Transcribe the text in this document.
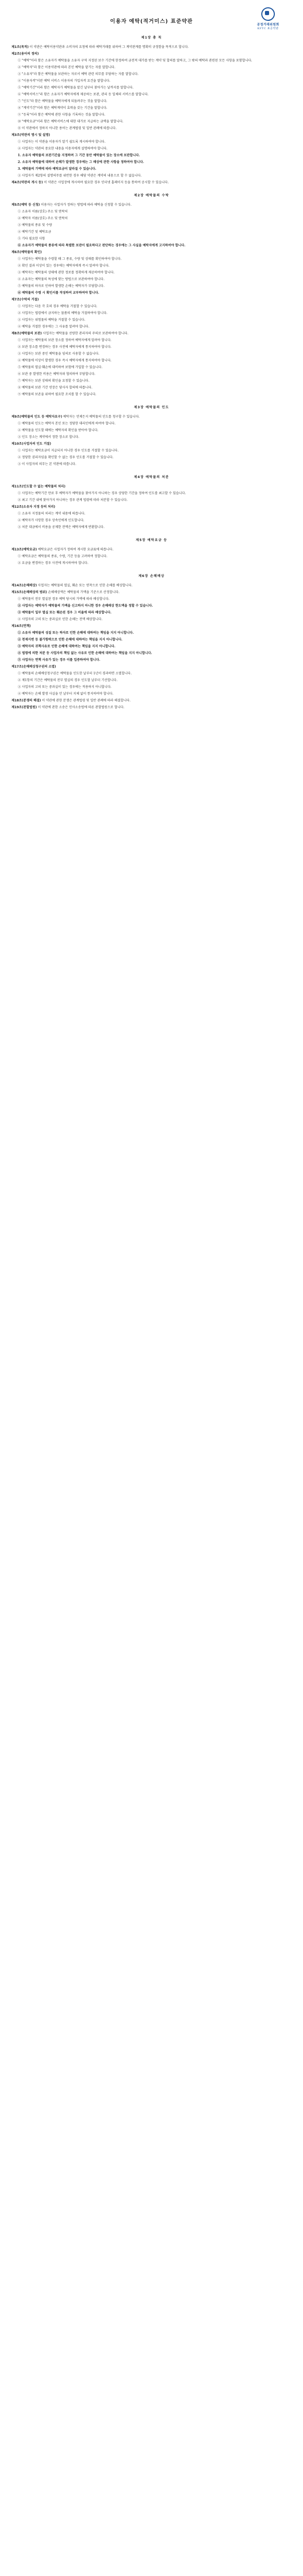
공정거래위원회
KFTC 표준약관
이용자 예탁(적거미스) 표준약관
제1장 총 칙
제1조(목적) 이 약관은 예탁이용약관과 소비자의 요청에 따라 예탁거래를 위하여 그 계약관계를 명확히 규정함을 목적으로 합니다.
제2조(용어의 정의)
① "예탁"이라 함은 소유자가 예탁물을 소유자 구역 지정된 보수 기간에 한정하여 금전적 대가를 받는 계약 및 합의를 말하고, 그 밖의 예탁과 관련된 모든 사항을 포함합니다.
② "예탁자"라 함은 이용약관에 따라 본인 예탁을 맡기는 자를 말합니다.
③ "소유자"라 함은 예탁물을 보관하는 자로서 예탁 관련 의무를 부담하는 자를 말합니다.
④ "이용자격"이란 예탁 서비스 이용자의 가입자격 요건을 말합니다.
⑤ "예탁기간"이라 함은 예탁자가 예탁물을 맡긴 날부터 찾아가는 날까지를 말합니다.
⑥ "예탁서비스"라 함은 소유자가 예탁자에게 제공하는 보관, 관리 등 일체의 서비스를 말합니다.
⑦ "인도"라 함은 예탁물을 예탁자에게 되돌려주는 것을 말합니다.
⑧ "계약기간"이라 함은 예탁계약이 효력을 갖는 기간을 말합니다.
⑨ "등록"이라 함은 예탁에 관한 사항을 기록하는 것을 말합니다.
⑩ "예탁요금"이라 함은 예탁서비스에 대한 대가로 지급하는 금액을 말합니다.
⑪ 이 약관에서 정하지 아니한 용어는 관계법령 및 일반 관례에 따릅니다.
제3조(약관의 명시 및 설명)
① 사업자는 이 약관을 이용자가 알기 쉽도록 게시하여야 합니다.
② 사업자는 약관의 중요한 내용을 이용자에게 설명하여야 합니다.
1. 소유자 예탁물의 보관기간을 지정하며 그 기간 동안 예탁물이 있는 장소에 보관합니다.
2. 소유자 예탁물에 대하여 손해가 발생한 경우에는 그 배상에 관한 사항을 정하여야 합니다.
3. 예탁물의 가액에 따라 예탁요금이 달라질 수 있습니다.
③ 사업자가 제2항의 설명의무를 위반한 경우 해당 약관은 계약의 내용으로 할 수 없습니다.
제4조(약관의 게시 등) 이 약관은 사업장에 게시하며 필요한 경우 인터넷 홈페이지 등을 통하여 공시할 수 있습니다.
제2장 예탁물의 수탁
제5조(예탁 등 신청) 이용자는 사업자가 정하는 방법에 따라 예탁을 신청할 수 있습니다.
① 소유자 이름(상호) 주소 및 연락처
② 예탁자 이름(상호) 주소 및 연락처
③ 예탁물의 종류 및 수량
④ 예탁기간 및 예탁요금
⑤ 기타 필요한 사항
⑥ 소유자가 예탁물의 종류에 따라 특별한 보관이 필요하다고 판단하는 경우에는 그 사실을 예탁자에게 고지하여야 합니다.
제6조(예탁물의 확인)
① 사업자는 예탁물을 수령할 때 그 종류, 수량 및 상태를 확인하여야 합니다.
② 확인 결과 이상이 있는 경우에는 예탁자에게 즉시 알려야 합니다.
③ 예탁자는 예탁물의 상태에 관한 정보를 정확하게 제공하여야 합니다.
④ 소유자는 예탁물의 특성에 맞는 방법으로 보관하여야 합니다.
⑤ 예탁물의 하자로 인하여 발생한 손해는 예탁자가 부담합니다.
⑥ 예탁물의 수령 시 확인서를 작성하여 교부하여야 합니다.
제7조(수탁의 거절)
① 사업자는 다음 각 호의 경우 예탁을 거절할 수 있습니다.
② 사업자는 법령에서 금지하는 물품의 예탁을 거절하여야 합니다.
③ 사업자는 위험물의 예탁을 거절할 수 있습니다.
④ 예탁을 거절한 경우에는 그 사유를 알려야 합니다.
제8조(예탁물의 보관) 사업자는 예탁물을 선량한 관리자의 주의로 보관하여야 합니다.
① 사업자는 예탁물의 보관 장소를 정하여 예탁자에게 알려야 합니다.
② 보관 장소를 변경하는 경우 사전에 예탁자에게 통지하여야 합니다.
③ 사업자는 보관 중인 예탁물을 임의로 사용할 수 없습니다.
④ 예탁물에 이상이 발생한 경우 즉시 예탁자에게 통지하여야 합니다.
⑤ 예탁물의 멸실·훼손에 대비하여 보험에 가입할 수 있습니다.
⑥ 보관 중 발생한 비용은 예탁자와 협의하여 부담합니다.
⑦ 예탁자는 보관 상태의 확인을 요청할 수 있습니다.
⑧ 예탁물의 보관 기간 연장은 당사자 합의에 따릅니다.
⑨ 예탁물의 보존을 위하여 필요한 조치를 할 수 있습니다.
제3장 예탁물의 인도
제9조(예탁물의 인도 등 예탁자요구) 예탁자는 언제든지 예탁물의 인도를 청구할 수 있습니다.
① 예탁물의 인도는 예탁자 본인 또는 정당한 대리인에게 하여야 합니다.
② 예탁물을 인도할 때에는 예탁자의 확인을 받아야 합니다.
③ 인도 장소는 계약에서 정한 장소로 합니다.
제10조(사업자의 인도 거절)
① 사업자는 예탁요금이 지급되지 아니한 경우 인도를 거절할 수 있습니다.
② 정당한 권리자임을 확인할 수 없는 경우 인도를 거절할 수 있습니다.
③ 이 사업자의 의무는 본 약관에 따릅니다.
제4장 예탁물의 처분
제11조(인도할 수 없는 예탁물의 처리)
① 사업자는 예탁기간 만료 후 예탁자가 예탁물을 찾아가지 아니하는 경우 상당한 기간을 정하여 인도를 최고할 수 있습니다.
② 최고 기간 내에 찾아가지 아니하는 경우 관계 법령에 따라 처분할 수 있습니다.
제12조(소유자 지정 등의 처리)
① 소유자 지정물의 처리는 계약 내용에 따릅니다.
② 예탁자가 사망한 경우 상속인에게 인도합니다.
③ 처분 대금에서 비용을 공제한 잔액은 예탁자에게 반환합니다.
제5장 예탁요금 등
제13조(예탁요금) 예탁요금은 사업자가 정하여 게시한 요금표에 따릅니다.
① 예탁요금은 예탁물의 종류, 수량, 기간 등을 고려하여 정합니다.
② 요금을 변경하는 경우 사전에 게시하여야 합니다.
제6장 손해배상
제14조(손해배상) 사업자는 예탁물의 멸실, 훼손 또는 연착으로 인한 손해를 배상합니다.
제15조(손해배상의 범위) 손해배상액은 예탁물의 가액을 기준으로 산정합니다.
① 예탁물이 전부 멸실된 경우 예탁 당시의 가액에 따라 배상합니다.
② 사업자는 예탁자가 예탁물의 가액을 신고하지 아니한 경우 손해배상 한도액을 정할 수 있습니다.
③ 예탁물이 일부 멸실 또는 훼손된 경우 그 비율에 따라 배상합니다.
④ 사업자의 고의 또는 중과실로 인한 손해는 전액 배상합니다.
제16조(면책)
① 소유자 예탁물의 성질 또는 하자로 인한 손해에 대하여는 책임을 지지 아니합니다.
② 천재지변 등 불가항력으로 인한 손해에 대하여는 책임을 지지 아니합니다.
③ 예탁자의 귀책사유로 인한 손해에 대하여는 책임을 지지 아니합니다.
④ 법령에 의한 처분 등 사업자의 책임 없는 사유로 인한 손해에 대하여는 책임을 지지 아니합니다.
⑤ 사업자는 면책 사유가 있는 경우 이를 입증하여야 합니다.
제17조(손해배상청구권의 소멸)
① 예탁물의 손해배상청구권은 예탁물을 인도한 날부터 1년이 경과하면 소멸합니다.
② 제1항의 기간은 예탁물의 전부 멸실의 경우 인도할 날부터 기산합니다.
③ 사업자의 고의 또는 중과실이 있는 경우에는 적용하지 아니합니다.
④ 예탁자는 손해 발생 사실을 안 날부터 지체 없이 통지하여야 합니다.
제18조(분쟁의 해결) 이 약관에 관한 분쟁은 관계법령 및 일반 관례에 따라 해결합니다.
제19조(관할법원) 이 약관에 관한 소송은 민사소송법에 따른 관할법원으로 합니다.
